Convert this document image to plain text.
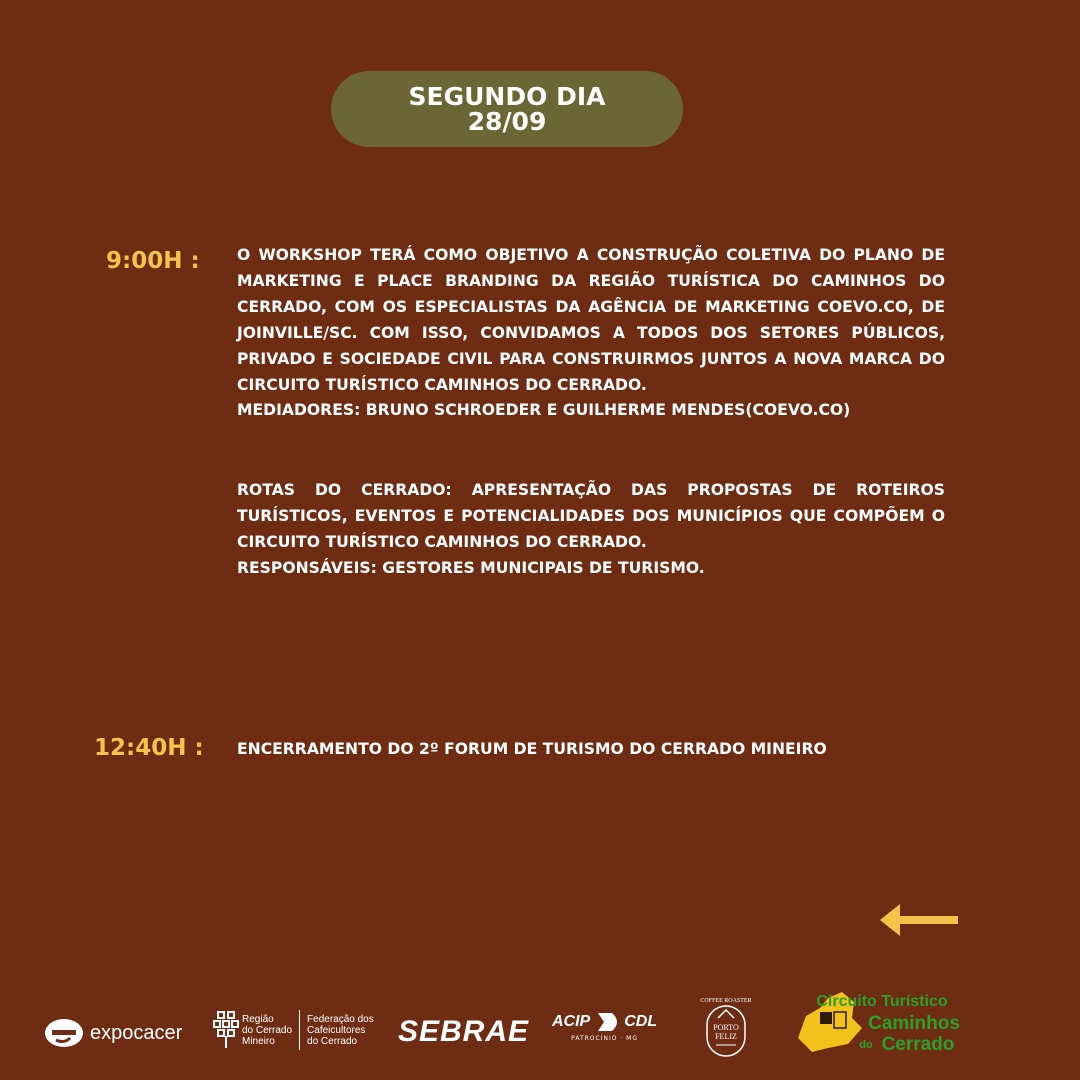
SEGUNDO DIA
28/09
9:00H : O WORKSHOP TERÁ COMO OBJETIVO A CONSTRUÇÃO COLETIVA DO PLANO DE MARKETING E PLACE BRANDING DA REGIÃO TURÍSTICA DO CAMINHOS DO CERRADO, COM OS ESPECIALISTAS DA AGÊNCIA DE MARKETING COEVO.CO, DE JOINVILLE/SC. COM ISSO, CONVIDAMOS A TODOS DOS SETORES PÚBLICOS, PRIVADO E SOCIEDADE CIVIL PARA CONSTRUIRMOS JUNTOS A NOVA MARCA DO CIRCUITO TURÍSTICO CAMINHOS DO CERRADO.

MEDIADORES: BRUNO SCHROEDER E GUILHERME MENDES(COEVO.CO)

ROTAS DO CERRADO: APRESENTAÇÃO DAS PROPOSTAS DE ROTEIROS TURÍSTICOS, EVENTOS E POTENCIALIDADES DOS MUNICÍPIOS QUE COMPÕEM O CIRCUITO TURÍSTICO CAMINHOS DO CERRADO.

RESPONSÁVEIS: GESTORES MUNICIPAIS DE TURISMO.

12:40H : ENCERRAMENTO DO 2º FORUM DE TURISMO DO CERRADO MINEIRO
expocacer
Região
do Cerrado
Mineiro
Federação dos
Cafeicultores
do Cerrado	SEBRAE ACIP CDL
PATROCÍNIO · MG
COFFEE ROASTER
PORTO
FELIZ
Circuito Turístico
Caminhos
do Cerrado
